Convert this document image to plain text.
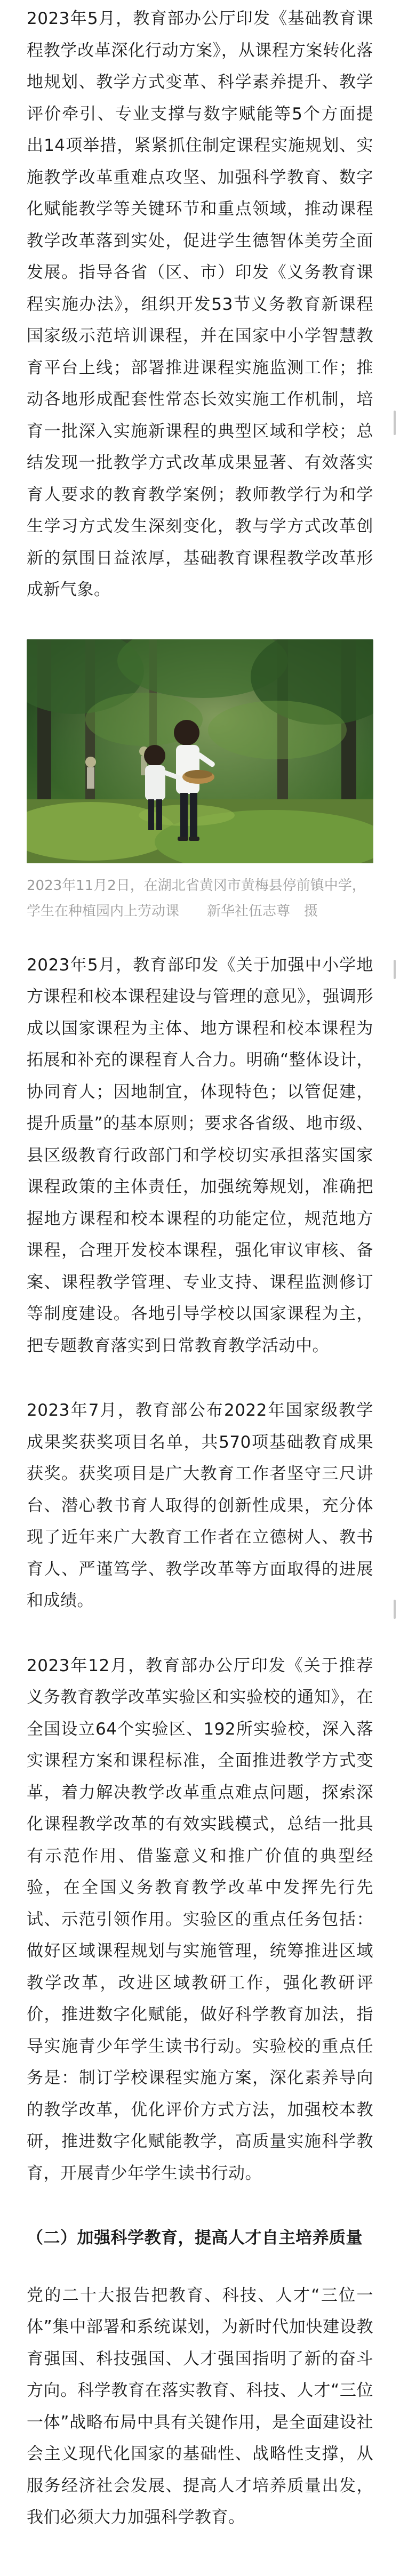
2023年5月，教育部办公厅印发《基础教育课程教学改革深化行动方案》，从课程方案转化落地规划、教学方式变革、科学素养提升、教学评价牵引、专业支撑与数字赋能等5个方面提出14项举措，紧紧抓住制定课程实施规划、实施教学改革重难点攻坚、加强科学教育、数字化赋能教学等关键环节和重点领域，推动课程教学改革落到实处，促进学生德智体美劳全面发展。指导各省（区、市）印发《义务教育课程实施办法》，组织开发53节义务教育新课程国家级示范培训课程，并在国家中小学智慧教育平台上线；部署推进课程实施监测工作；推动各地形成配套性常态长效实施工作机制，培育一批深入实施新课程的典型区域和学校；总结发现一批教学方式改革成果显著、有效落实育人要求的教育教学案例；教师教学行为和学生学习方式发生深刻变化，教与学方式改革创新的氛围日益浓厚，基础教育课程教学改革形成新气象。

2023年11月2日，在湖北省黄冈市黄梅县停前镇中学，学生在种植园内上劳动课　　新华社伍志尊　摄

2023年5月，教育部印发《关于加强中小学地方课程和校本课程建设与管理的意见》，强调形成以国家课程为主体、地方课程和校本课程为拓展和补充的课程育人合力。明确“整体设计，协同育人；因地制宜，体现特色；以管促建，提升质量”的基本原则；要求各省级、地市级、县区级教育行政部门和学校切实承担落实国家课程政策的主体责任，加强统筹规划，准确把握地方课程和校本课程的功能定位，规范地方课程，合理开发校本课程，强化审议审核、备案、课程教学管理、专业支持、课程监测修订等制度建设。各地引导学校以国家课程为主，把专题教育落实到日常教育教学活动中。

2023年7月，教育部公布2022年国家级教学成果奖获奖项目名单，共570项基础教育成果获奖。获奖项目是广大教育工作者坚守三尺讲台、潜心教书育人取得的创新性成果，充分体现了近年来广大教育工作者在立德树人、教书育人、严谨笃学、教学改革等方面取得的进展和成绩。

2023年12月，教育部办公厅印发《关于推荐义务教育教学改革实验区和实验校的通知》，在全国设立64个实验区、192所实验校，深入落实课程方案和课程标准，全面推进教学方式变革，着力解决教学改革重点难点问题，探索深化课程教学改革的有效实践模式，总结一批具有示范作用、借鉴意义和推广价值的典型经验，在全国义务教育教学改革中发挥先行先试、示范引领作用。实验区的重点任务包括：做好区域课程规划与实施管理，统筹推进区域教学改革，改进区域教研工作，强化教研评价，推进数字化赋能，做好科学教育加法，指导实施青少年学生读书行动。实验校的重点任务是：制订学校课程实施方案，深化素养导向的教学改革，优化评价方式方法，加强校本教研，推进数字化赋能教学，高质量实施科学教育，开展青少年学生读书行动。

（二）加强科学教育，提高人才自主培养质量

党的二十大报告把教育、科技、人才“三位一体”集中部署和系统谋划，为新时代加快建设教育强国、科技强国、人才强国指明了新的奋斗方向。科学教育在落实教育、科技、人才“三位一体”战略布局中具有关键作用，是全面建设社会主义现代化国家的基础性、战略性支撑，从服务经济社会发展、提高人才培养质量出发，我们必须大力加强科学教育。
